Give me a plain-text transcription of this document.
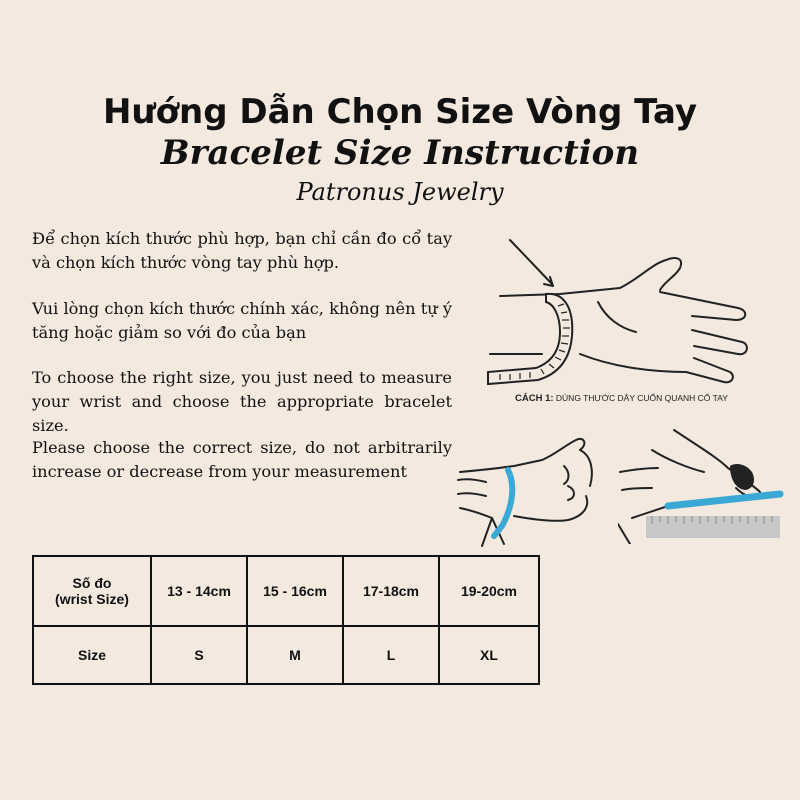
Hướng Dẫn Chọn Size Vòng Tay
Bracelet Size Instruction
Patronus Jewelry
Để chọn kích thước phù hợp, bạn chỉ cần đo cổ tay và chọn kích thước vòng tay phù hợp.
Vui lòng chọn kích thước chính xác, không nên tự ý tăng hoặc giảm so với đo của bạn
To choose the right size, you just need to measure your wrist and choose the appropriate bracelet size.
Please choose the correct size, do not arbitrarily increase or decrease from your measurement
CÁCH 1: DÙNG THƯỚC DÂY CUỐN QUANH CỔ TAY
Số đo
(wrist Size)	13 - 14cm	15 - 16cm	17-18cm	19-20cm
Size	S	M	L	XL
